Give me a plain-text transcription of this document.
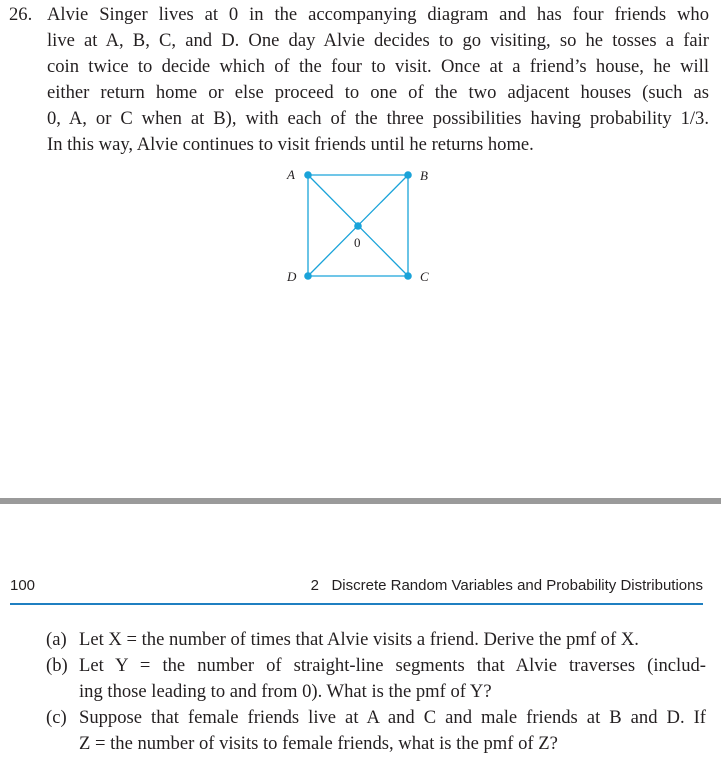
26. Alvie Singer lives at 0 in the accompanying diagram and has four friends who
live at A, B, C, and D. One day Alvie decides to go visiting, so he tosses a fair
coin twice to decide which of the four to visit. Once at a friend’s house, he will
either return home or else proceed to one of the two adjacent houses (such as
0, A, or C when at B), with each of the three possibilities having probability 1/3.
In this way, Alvie continues to visit friends until he returns home.
A	B
C
D
0
100	2   Discrete Random Variables and Probability Distributions
(a) Let X = the number of times that Alvie visits a friend. Derive the pmf of X.
(b) Let Y = the number of straight-line segments that Alvie traverses (includ-
ing those leading to and from 0). What is the pmf of Y?
(c) Suppose that female friends live at A and C and male friends at B and D. If
Z = the number of visits to female friends, what is the pmf of Z?
